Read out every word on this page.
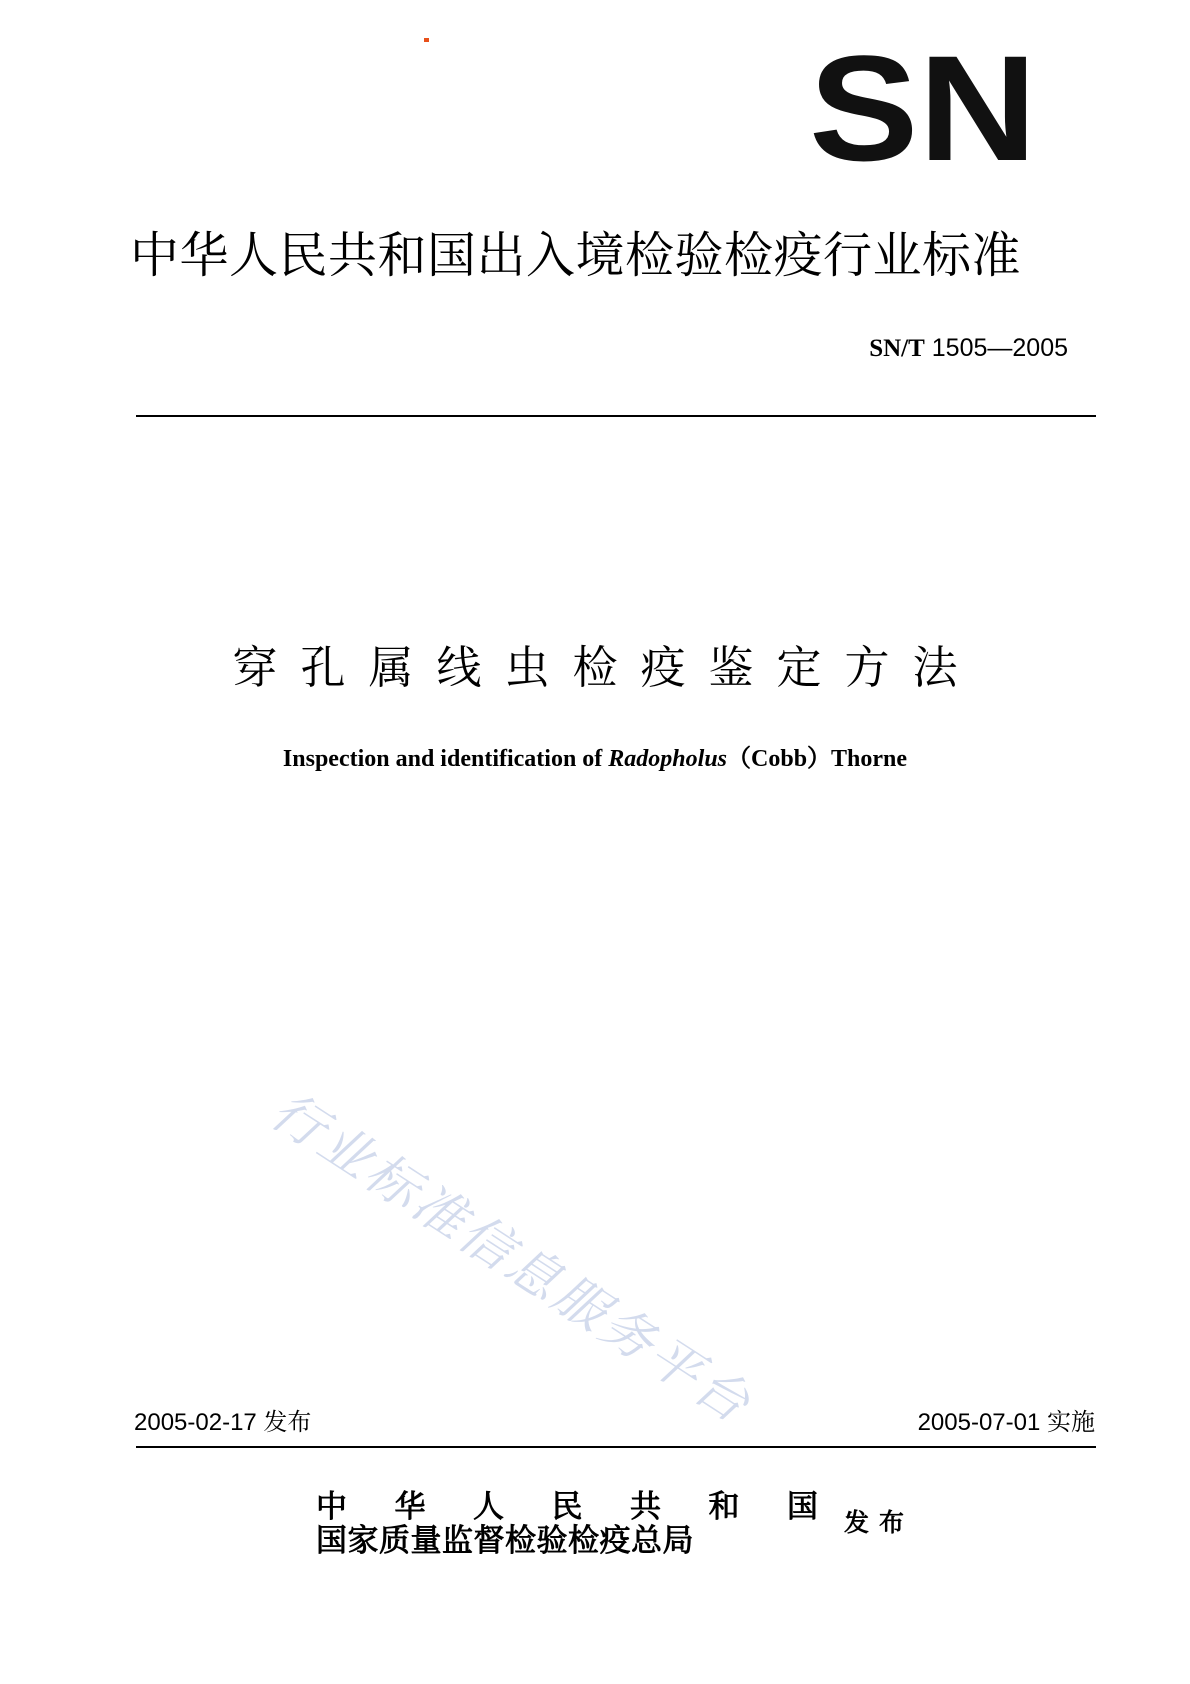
SN
中华人民共和国出入境检验检疫行业标准
SN/T 1505—2005
穿孔属线虫检疫鉴定方法
Inspection and identification of Radopholus（Cobb）Thorne
行业标准信息服务平台
2005-02-17 发布	2005-07-01 实施
中 华 人 民 共 和 国
国家质量监督检验检疫总局
发布
